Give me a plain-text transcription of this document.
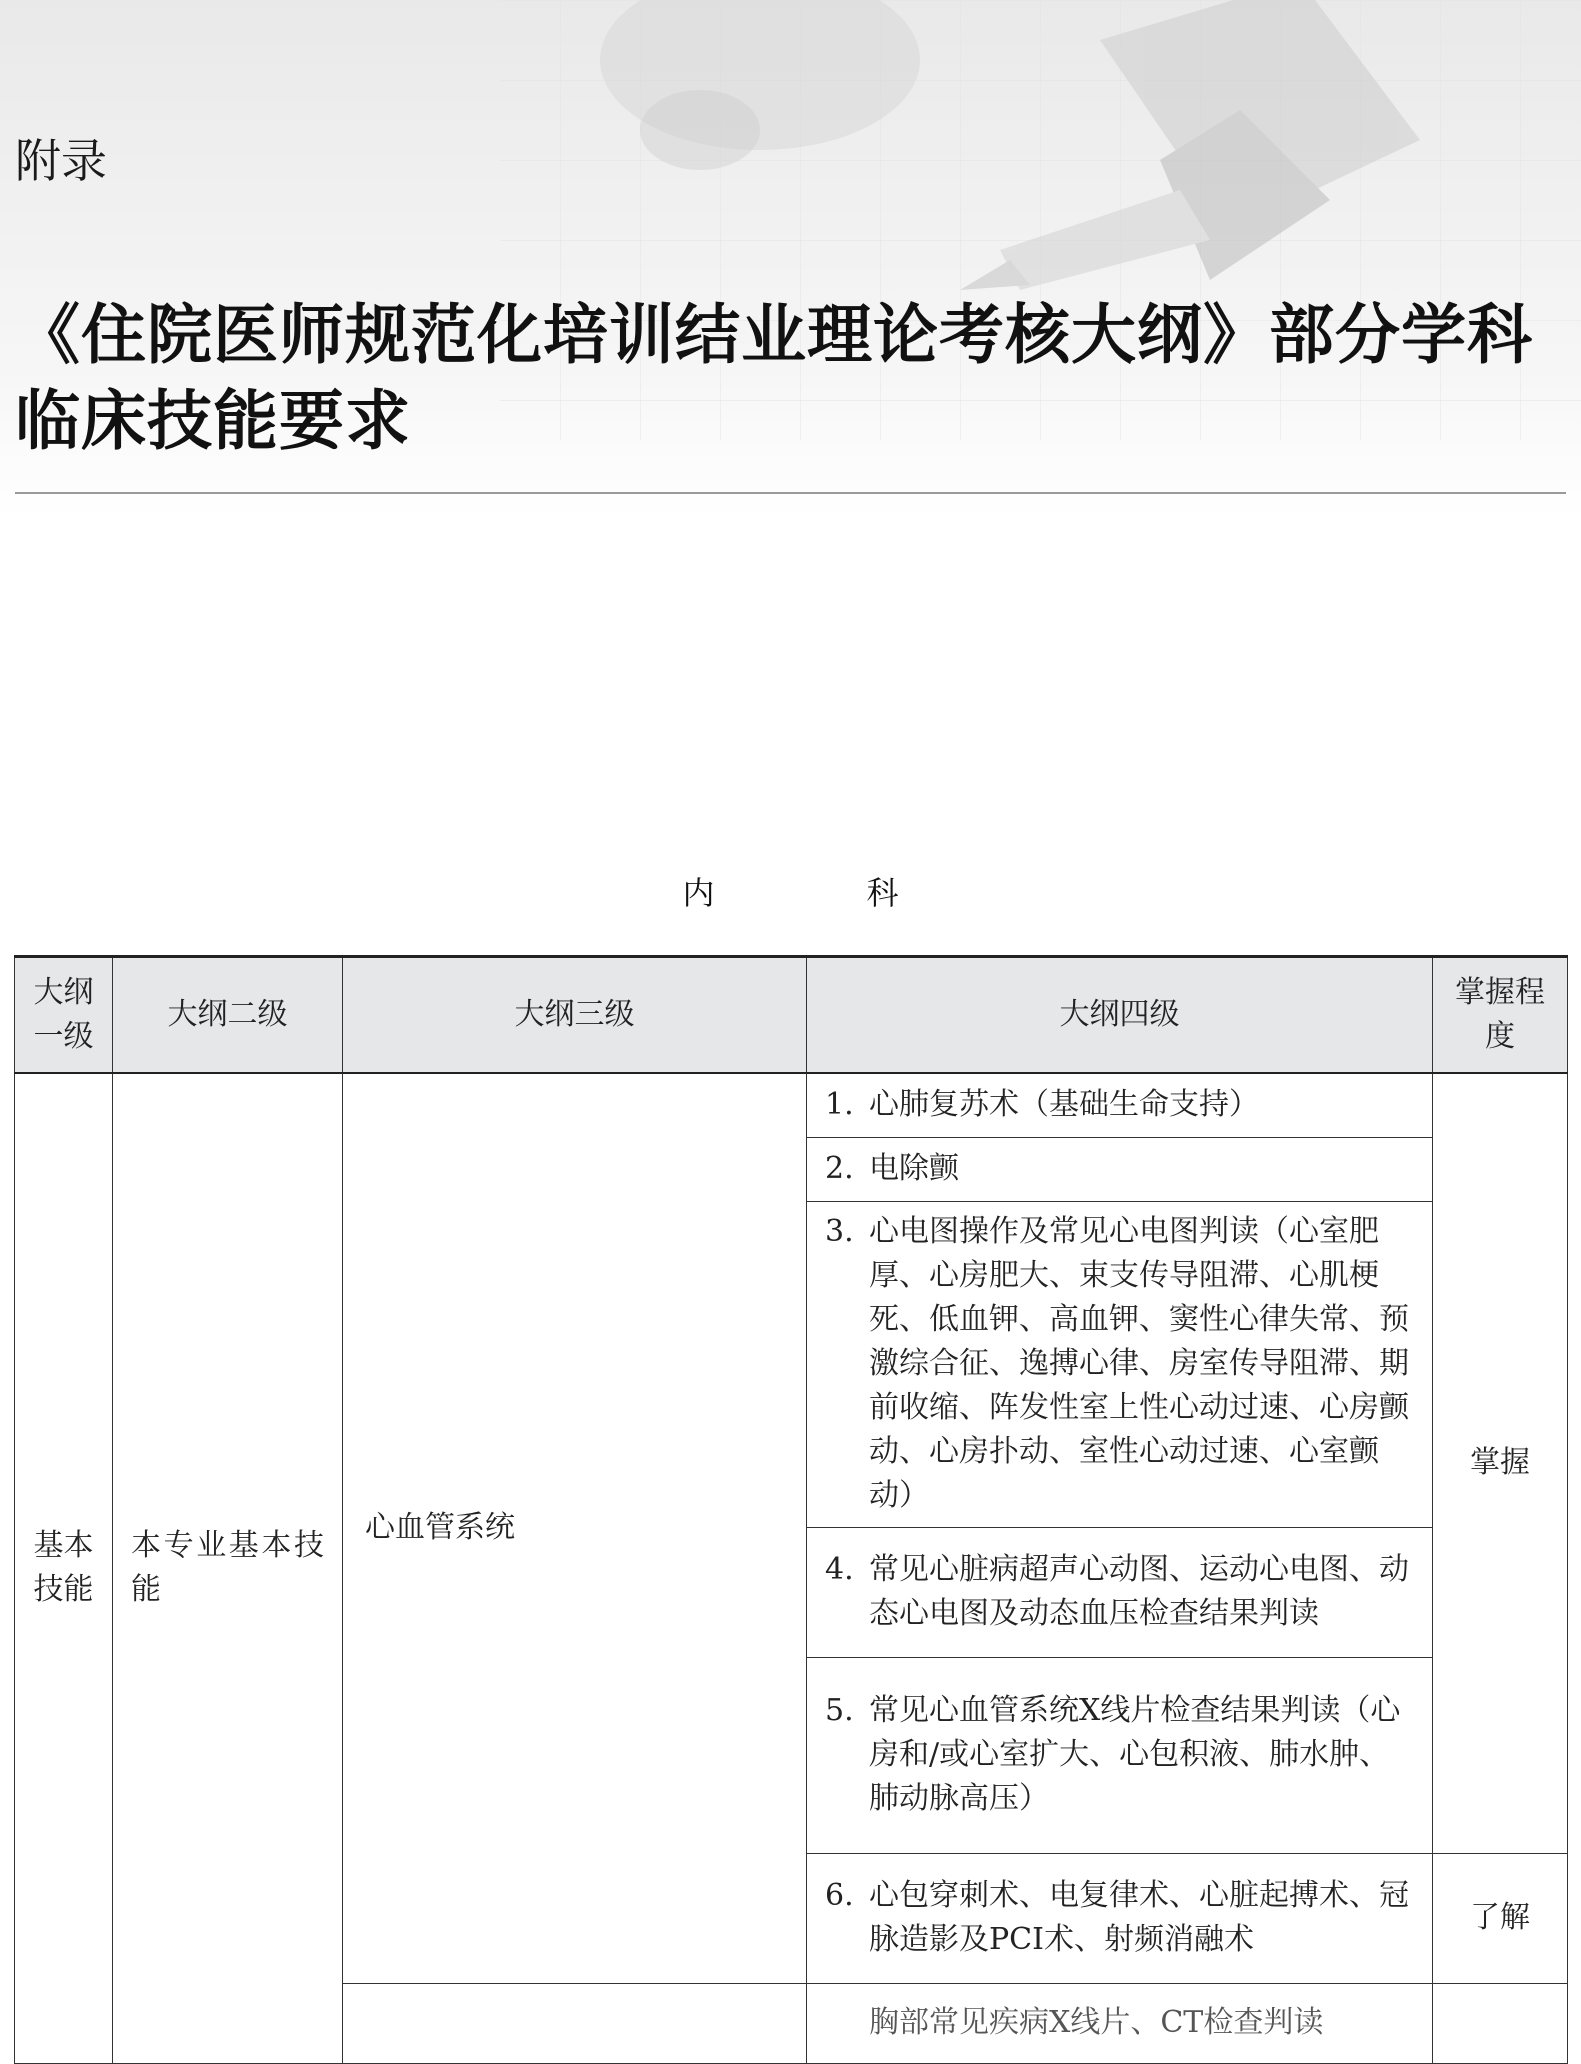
附录
《住院医师规范化培训结业理论考核大纲》部分学科临床技能要求
内　科
大纲一级	大纲二级	大纲三级	大纲四级	掌握程度
基本技能	本专业基本技能	心血管系统	1. 心肺复苏术（基础生命支持）	掌握

			2. 电除颤	

			3. 心电图操作及常见心电图判读（心室肥厚、心房肥大、束支传导阻滞、心肌梗死、低血钾、高血钾、窦性心律失常、预激综合征、逸搏心律、房室传导阻滞、期前收缩、阵发性室上性心动过速、心房颤动、心房扑动、室性心动过速、心室颤动）	

			4. 常见心脏病超声心动图、运动心电图、动态心电图及动态血压检查结果判读	

			5. 常见心血管系统X线片检查结果判读（心房和/或心室扩大、心包积液、肺水肿、肺动脉高压）	

			6. 心包穿刺术、电复律术、心脏起搏术、冠脉造影及PCI术、射频消融术	了解

			胸部常见疾病X线片、CT检查判读	
